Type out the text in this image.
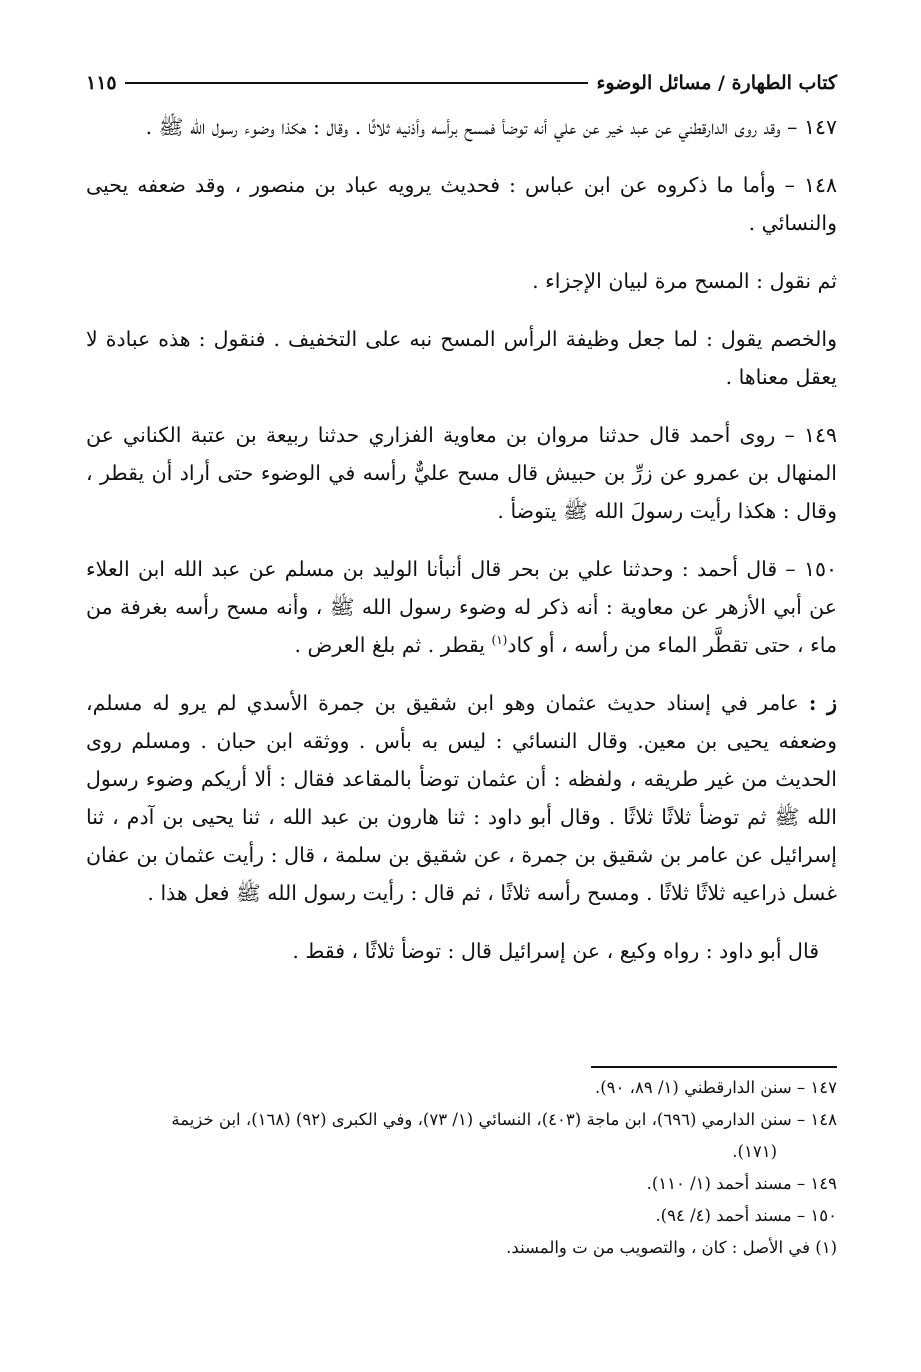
كتاب الطهارة / مسائل الوضوء
١١٥

١٤٧ – وقد روى الدارقطني عن عبد خير عن علي أنه توضأ فمسح برأسه وأذنيه ثلاثًا . وقال : هكذا وضوء رسول الله ﷺ .

١٤٨ – وأما ما ذكروه عن ابن عباس : فحديث يرويه عباد بن منصور ، وقد ضعفه يحيى والنسائي .

ثم نقول : المسح مرة لبيان الإجزاء .

والخصم يقول : لما جعل وظيفة الرأس المسح نبه على التخفيف . فنقول : هذه عبادة لا يعقل معناها .

١٤٩ – روى أحمد قال حدثنا مروان بن معاوية الفزاري حدثنا ربيعة بن عتبة الكناني عن المنهال بن عمرو عن زرِّ بن حبيش قال مسح عليٌّ رأسه في الوضوء حتى أراد أن يقطر ، وقال : هكذا رأيت رسولَ الله ﷺ يتوضأ .

١٥٠ – قال أحمد : وحدثنا علي بن بحر قال أنبأنا الوليد بن مسلم عن عبد الله ابن العلاء عن أبي الأزهر عن معاوية : أنه ذكر له وضوء رسول الله ﷺ ، وأنه مسح رأسه بغرفة من ماء ، حتى تقطَّر الماء من رأسه ، أو كاد$^{(١)}$ يقطر . ثم بلغ العرض .

ز : عامر في إسناد حديث عثمان وهو ابن شقيق بن جمرة الأسدي لم يرو له مسلم، وضعفه يحيى بن معين. وقال النسائي : ليس به بأس . ووثقه ابن حبان . ومسلم روى الحديث من غير طريقه ، ولفظه : أن عثمان توضأ بالمقاعد فقال : ألا أريكم وضوء رسول الله ﷺ ثم توضأ ثلاثًا ثلاثًا . وقال أبو داود : ثنا هارون بن عبد الله ، ثنا يحيى بن آدم ، ثنا إسرائيل عن عامر بن شقيق بن جمرة ، عن شقيق بن سلمة ، قال : رأيت عثمان بن عفان غسل ذراعيه ثلاثًا ثلاثًا . ومسح رأسه ثلاثًا ، ثم قال : رأيت رسول الله ﷺ فعل هذا .

قال أبو داود : رواه وكيع ، عن إسرائيل قال : توضأ ثلاثًا ، فقط .

١٤٧ – سنن الدارقطني (١/ ٨٩، ٩٠).

١٤٨ – سنن الدارمي (٦٩٦)، ابن ماجة (٤٠٣)، النسائي (١/ ٧٣)، وفي الكبرى (٩٢) (١٦٨)، ابن خزيمة

(١٧١).

١٤٩ – مسند أحمد (١/ ١١٠).

١٥٠ – مسند أحمد (٤/ ٩٤).

(١) في الأصل : كان ، والتصويب من ت والمسند.
